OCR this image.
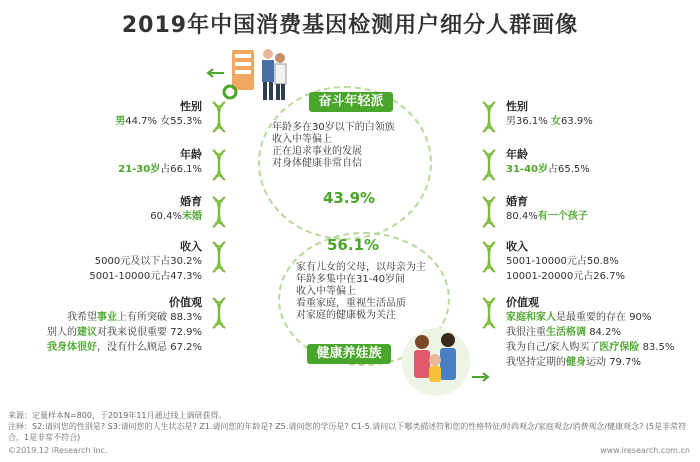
2019年中国消费基因检测用户细分人群画像
奋斗年轻派
年龄多在30岁以下的白领族
收入中等偏上
正在追求事业的发展
对身体健康非常自信
43.9%
56.1%
家有儿女的父母，以母亲为主
年龄多集中在31-40岁间
收入中等偏上
看重家庭，重视生活品质
对家庭的健康极为关注
健康养娃族
性别
男44.7% 女55.3%
年龄
21-30岁占66.1%
婚育
60.4%未婚
收入
5000元及以下占30.2%
5001-10000元占47.3%
价值观
我希望事业上有所突破 88.3%
别人的建议对我来说很重要 72.9%
我身体很好，没有什么顾忌 67.2%
性别
男36.1% 女63.9%
年龄
31-40岁占65.5%
婚育
80.4%有一个孩子
收入
5001-10000元占50.8%
10001-20000元占26.7%
价值观
家庭和家人是最重要的存在 90%
我很注重生活格调 84.2%
我为自己/家人购买了医疗保险 83.5%
我坚持定期的健身运动 79.7%
来源：定量样本N=800，于2019年11月通过线上调研获得。
注释：S2:请问您的性别是? S3:请问您的人生状态是? Z1.请问您的年龄是? Z5.请问您的学历是? C1-5.请问以下哪类描述符和您的性格特征/时尚观念/家庭观念/消费观念/健康观念? (5是非常符合，1是非常不符合)
©2019.12 iResearch Inc.	www.iresearch.com.cn
